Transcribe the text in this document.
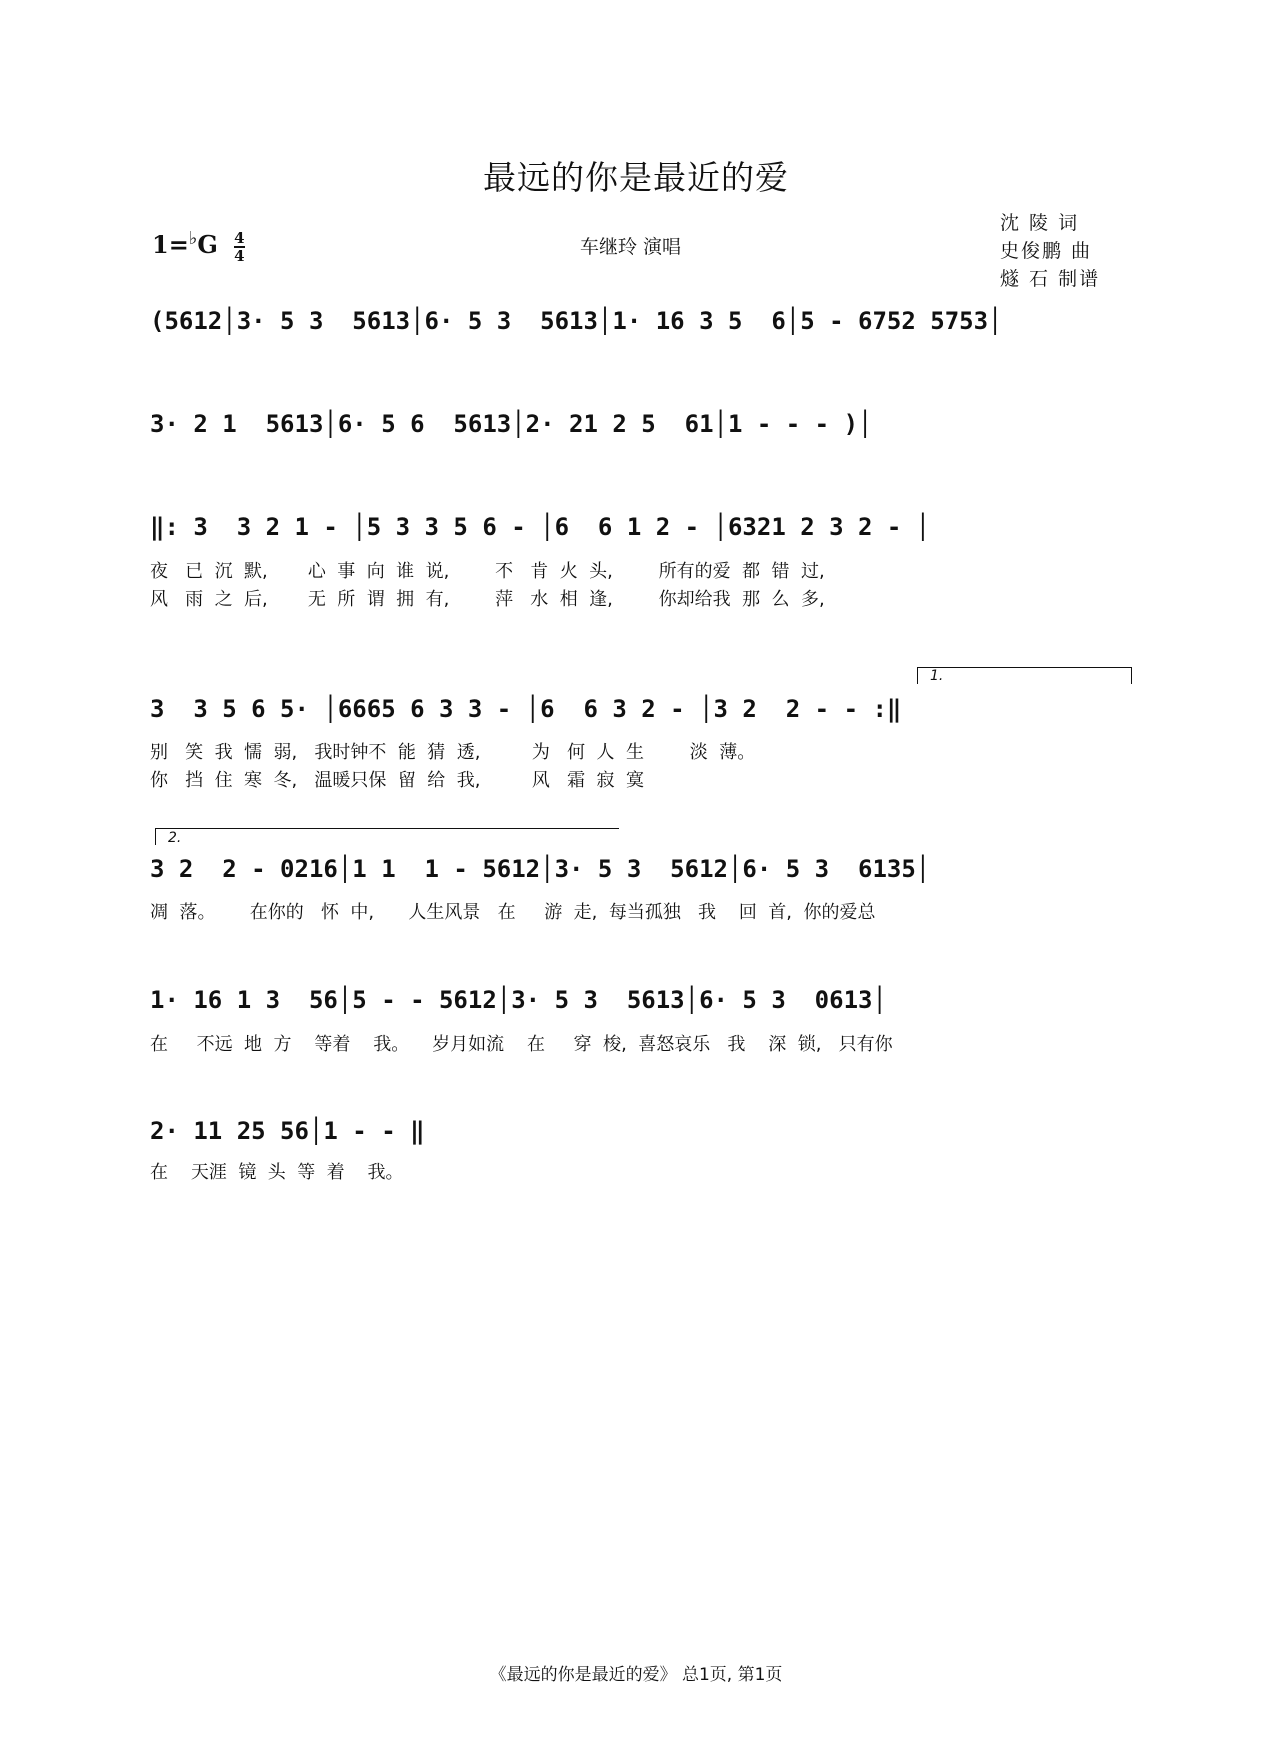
最远的你是最近的爱
$1=^♭G \frac{4}{4}$	车继玲 演唱
沈 陵 词
史俊鹏 曲
燧 石 制谱
(5612│3· 5 3  5613│6· 5 3  5613│1· 16 3 5  6│5 - 6752 5753│
3· 2 1  5613│6· 5 6  5613│2· 21 2 5  61│1 - - - )│
‖: 3  3 2 1 - │5 3 3 5 6 - │6  6 1 2 - │6321 2 3 2 - │
夜   已  沉  默,       心  事  向  谁  说,        不   肯  火  头,        所有的爱  都  错  过,
风   雨  之  后,       无  所  谓  拥  有,        萍   水  相  逢,        你却给我  那  么  多,
1.
3  3 5 6 5· │6665 6 3 3 - │6  6 3 2 - │3 2  2 - - :‖
别   笑  我  懦  弱,   我时钟不  能  猜  透,         为   何  人  生        淡  薄。
你   挡  住  寒  冬,   温暖只保  留  给  我,         风   霜  寂  寞
2.
3 2  2 - 0216│1 1  1 - 5612│3· 5 3  5612│6· 5 3  6135│
凋  落。      在你的   怀  中,      人生风景   在     游  走,  每当孤独   我    回  首,  你的爱总
1· 16 1 3  56│5 - - 5612│3· 5 3  5613│6· 5 3  0613│
在     不远  地  方    等着    我。    岁月如流    在     穿  梭,  喜怒哀乐   我    深  锁,   只有你
2· 11 25 56│1 - - ‖
在    天涯  镜  头  等  着    我。
《最远的你是最近的爱》 总1页, 第1页
